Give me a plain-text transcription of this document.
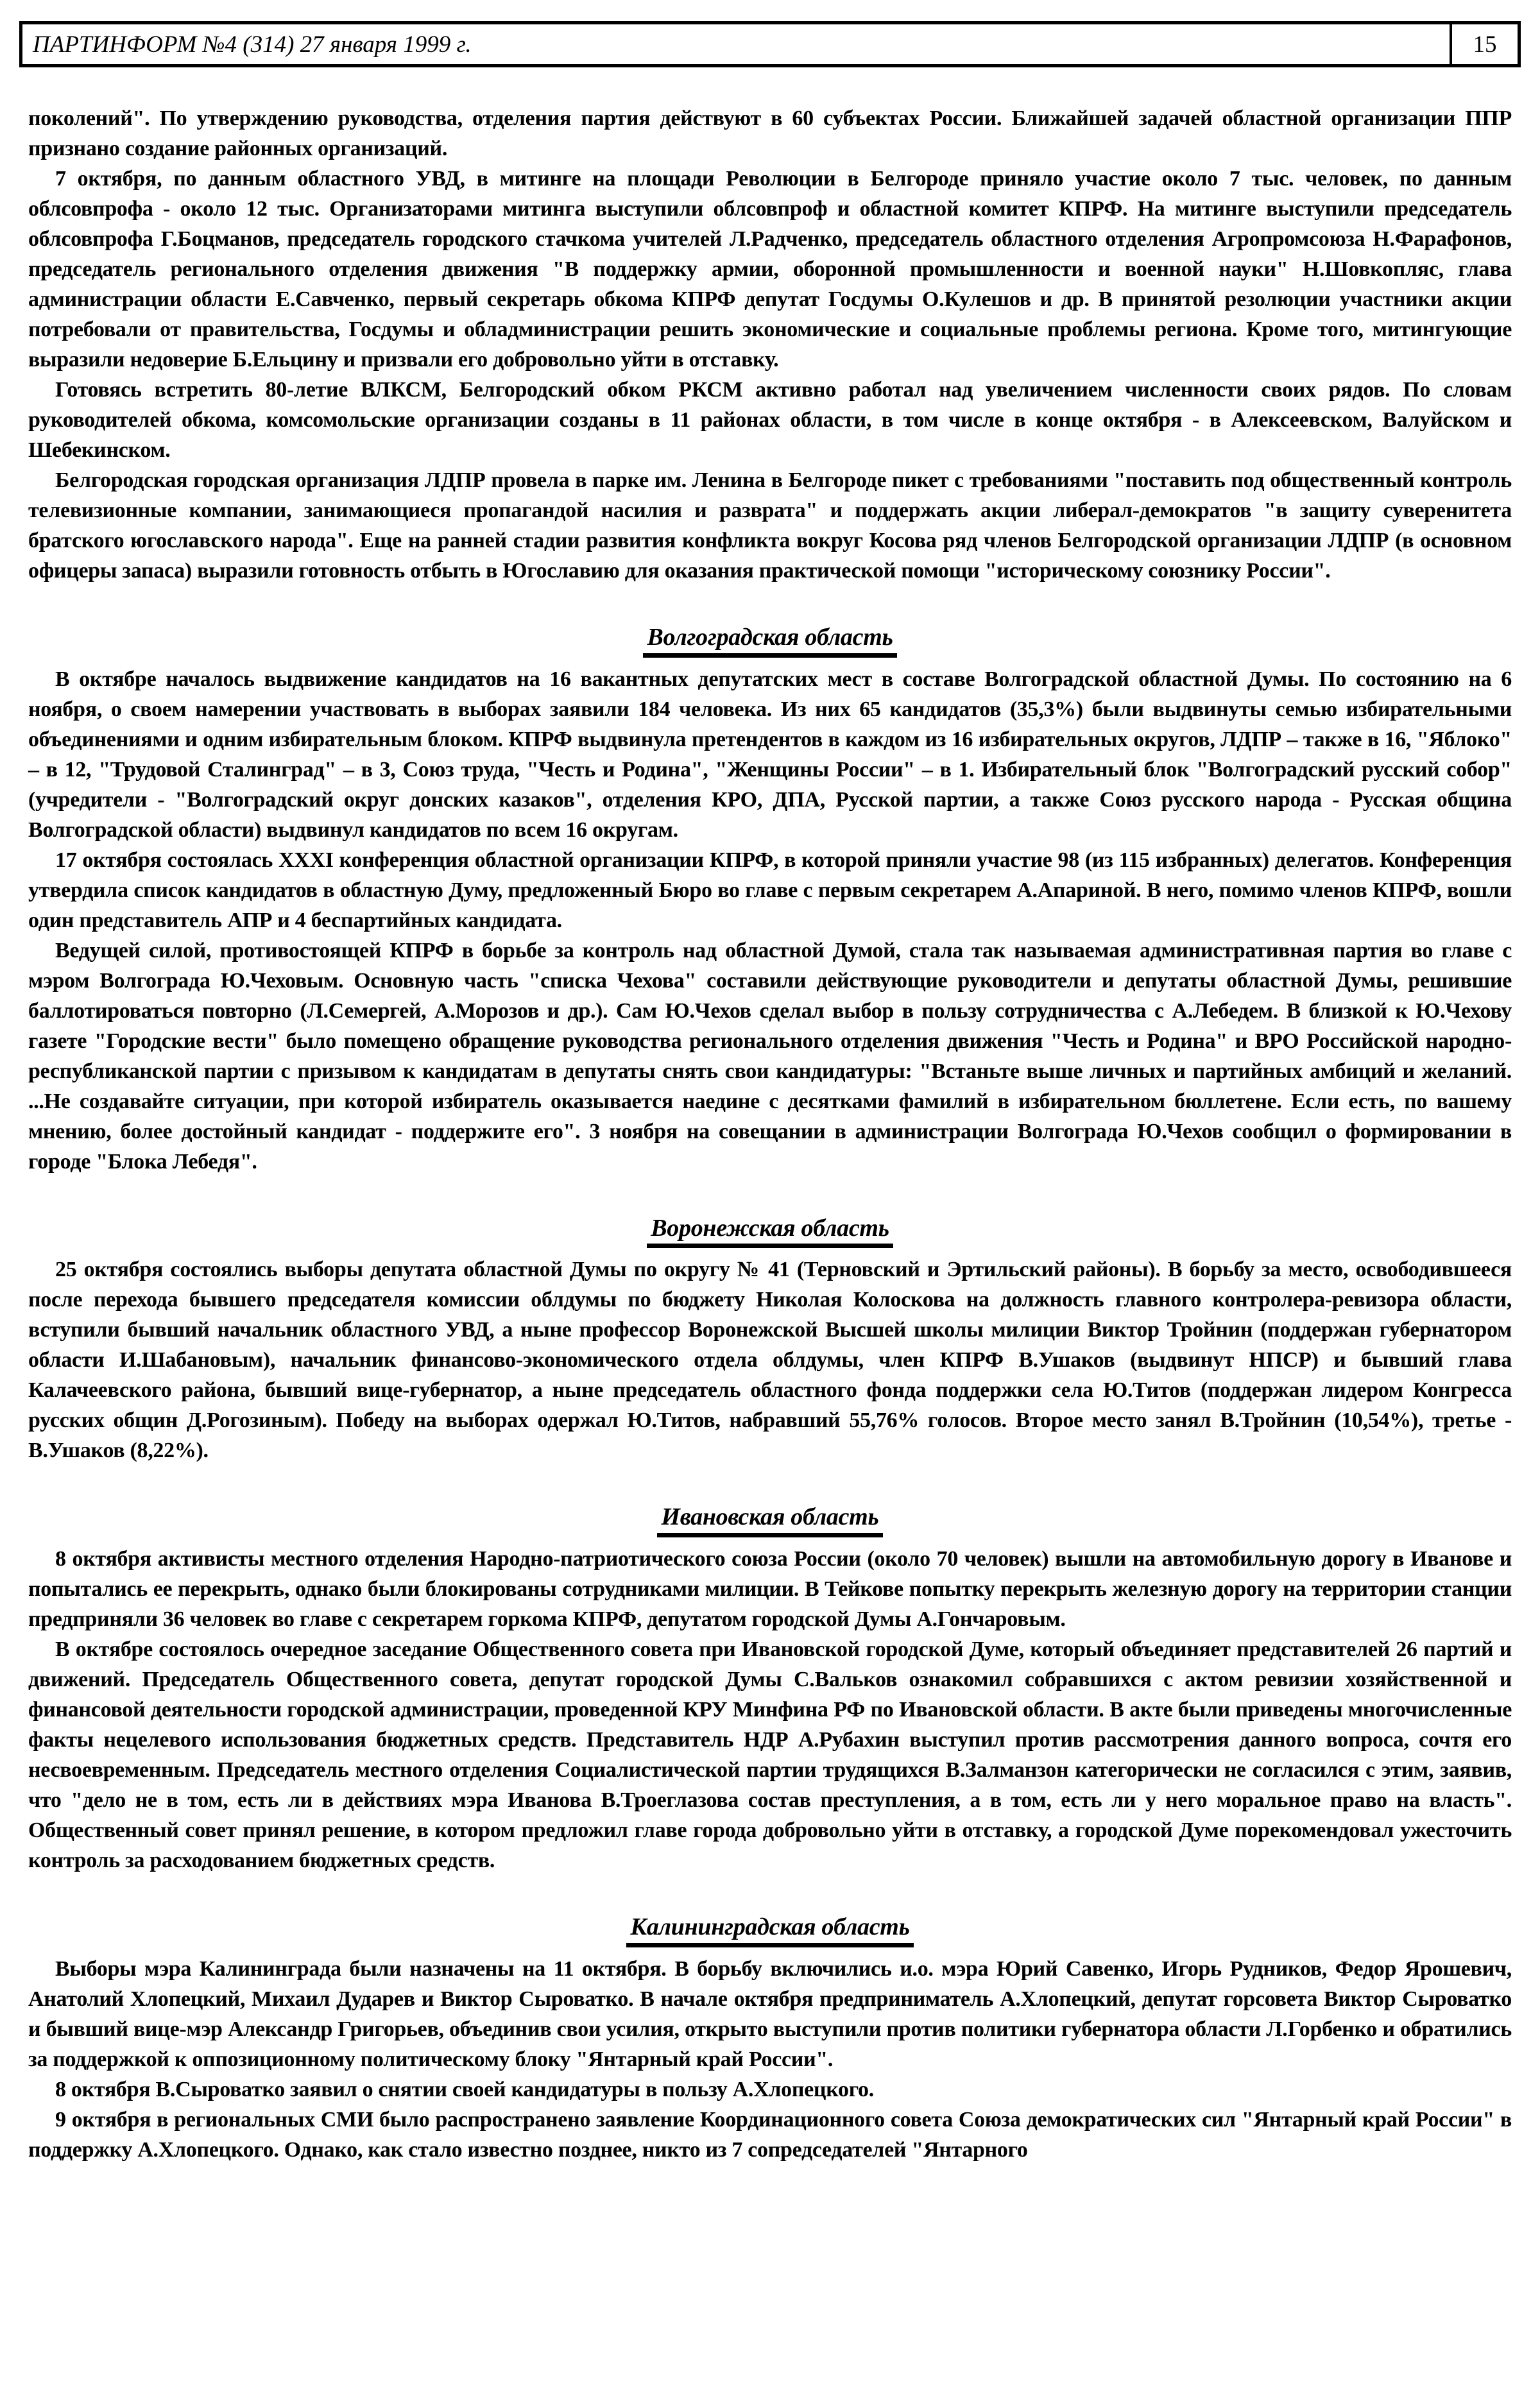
ПАРТИНФОРМ №4 (314) 27 января 1999 г.	15

поколений". По утверждению руководства, отделения партия действуют в 60 субъектах России. Ближайшей задачей областной организации ППР признано создание районных организаций.

7 октября, по данным областного УВД, в митинге на площади Революции в Белгороде приняло участие около 7 тыс. человек, по данным облсовпрофа - около 12 тыс. Организаторами митинга выступили облсовпроф и областной комитет КПРФ. На митинге выступили председатель облсовпрофа Г.Боцманов, председатель городского стачкома учителей Л.Радченко, председатель областного отделения Агропромсоюза Н.Фарафонов, председатель регионального отделения движения "В поддержку армии, оборонной промышленности и военной науки" Н.Шовкопляс, глава администрации области Е.Савченко, первый секретарь обкома КПРФ депутат Госдумы О.Кулешов и др. В принятой резолюции участники акции потребовали от правительства, Госдумы и обладминистрации решить экономические и социальные проблемы региона. Кроме того, митингующие выразили недоверие Б.Ельцину и призвали его добровольно уйти в отставку.

Готовясь встретить 80-летие ВЛКСМ, Белгородский обком РКСМ активно работал над увеличением численности своих рядов. По словам руководителей обкома, комсомольские организации созданы в 11 районах области, в том числе в конце октября - в Алексеевском, Валуйском и Шебекинском.

Белгородская городская организация ЛДПР провела в парке им. Ленина в Белгороде пикет с требованиями "поставить под общественный контроль телевизионные компании, занимающиеся пропагандой насилия и разврата" и поддержать акции либерал-демократов "в защиту суверенитета братского югославского народа". Еще на ранней стадии развития конфликта вокруг Косова ряд членов Белгородской организации ЛДПР (в основном офицеры запаса) выразили готовность отбыть в Югославию для оказания практической помощи "историческому союзнику России".

Волгоградская область

В октябре началось выдвижение кандидатов на 16 вакантных депутатских мест в составе Волгоградской областной Думы. По состоянию на 6 ноября, о своем намерении участвовать в выборах заявили 184 человека. Из них 65 кандидатов (35,3%) были выдвинуты семью избирательными объединениями и одним избирательным блоком. КПРФ выдвинула претендентов в каждом из 16 избирательных округов, ЛДПР – также в 16, "Яблоко" – в 12, "Трудовой Сталинград" – в 3, Союз труда, "Честь и Родина", "Женщины России" – в 1. Избирательный блок "Волгоградский русский собор" (учредители - "Волгоградский округ донских казаков", отделения КРО, ДПА, Русской партии, а также Союз русского народа - Русская община Волгоградской области) выдвинул кандидатов по всем 16 округам.

17 октября состоялась XXXI конференция областной организации КПРФ, в которой приняли участие 98 (из 115 избранных) делегатов. Конференция утвердила список кандидатов в областную Думу, предложенный Бюро во главе с первым секретарем А.Апариной. В него, помимо членов КПРФ, вошли один представитель АПР и 4 беспартийных кандидата.

Ведущей силой, противостоящей КПРФ в борьбе за контроль над областной Думой, стала так называемая административная партия во главе с мэром Волгограда Ю.Чеховым. Основную часть "списка Чехова" составили действующие руководители и депутаты областной Думы, решившие баллотироваться повторно (Л.Семергей, А.Морозов и др.). Сам Ю.Чехов сделал выбор в пользу сотрудничества с А.Лебедем. В близкой к Ю.Чехову газете "Городские вести" было помещено обращение руководства регионального отделения движения "Честь и Родина" и ВРО Российской народно-республиканской партии с призывом к кандидатам в депутаты снять свои кандидатуры: "Встаньте выше личных и партийных амбиций и желаний. ...Не создавайте ситуации, при которой избиратель оказывается наедине с десятками фамилий в избирательном бюллетене. Если есть, по вашему мнению, более достойный кандидат - поддержите его". 3 ноября на совещании в администрации Волгограда Ю.Чехов сообщил о формировании в городе "Блока Лебедя".

Воронежская область

25 октября состоялись выборы депутата областной Думы по округу № 41 (Терновский и Эртильский районы). В борьбу за место, освободившееся после перехода бывшего председателя комиссии облдумы по бюджету Николая Колоскова на должность главного контролера-ревизора области, вступили бывший начальник областного УВД, а ныне профессор Воронежской Высшей школы милиции Виктор Тройнин (поддержан губернатором области И.Шабановым), начальник финансово-экономического отдела облдумы, член КПРФ В.Ушаков (выдвинут НПСР) и бывший глава Калачеевского района, бывший вице-губернатор, а ныне председатель областного фонда поддержки села Ю.Титов (поддержан лидером Конгресса русских общин Д.Рогозиным). Победу на выборах одержал Ю.Титов, набравший 55,76% голосов. Второе место занял В.Тройнин (10,54%), третье - В.Ушаков (8,22%).

Ивановская область

8 октября активисты местного отделения Народно-патриотического союза России (около 70 человек) вышли на автомобильную дорогу в Иванове и попытались ее перекрыть, однако были блокированы сотрудниками милиции. В Тейкове попытку перекрыть железную дорогу на территории станции предприняли 36 человек во главе с секретарем горкома КПРФ, депутатом городской Думы А.Гончаровым.

В октябре состоялось очередное заседание Общественного совета при Ивановской городской Думе, который объединяет представителей 26 партий и движений. Председатель Общественного совета, депутат городской Думы С.Вальков ознакомил собравшихся с актом ревизии хозяйственной и финансовой деятельности городской администрации, проведенной КРУ Минфина РФ по Ивановской области. В акте были приведены многочисленные факты нецелевого использования бюджетных средств. Представитель НДР А.Рубахин выступил против рассмотрения данного вопроса, сочтя его несвоевременным. Председатель местного отделения Социалистической партии трудящихся В.Залманзон категорически не согласился с этим, заявив, что "дело не в том, есть ли в действиях мэра Иванова В.Троеглазова состав преступления, а в том, есть ли у него моральное право на власть". Общественный совет принял решение, в котором предложил главе города добровольно уйти в отставку, а городской Думе порекомендовал ужесточить контроль за расходованием бюджетных средств.

Калининградская область

Выборы мэра Калининграда были назначены на 11 октября. В борьбу включились и.о. мэра Юрий Савенко, Игорь Рудников, Федор Ярошевич, Анатолий Хлопецкий, Михаил Дударев и Виктор Сыроватко. В начале октября предприниматель А.Хлопецкий, депутат горсовета Виктор Сыроватко и бывший вице-мэр Александр Григорьев, объединив свои усилия, открыто выступили против политики губернатора области Л.Горбенко и обратились за поддержкой к оппозиционному политическому блоку "Янтарный край России".

8 октября В.Сыроватко заявил о снятии своей кандидатуры в пользу А.Хлопецкого.

9 октября в региональных СМИ было распространено заявление Координационного совета Союза демократических сил "Янтарный край России" в поддержку А.Хлопецкого. Однако, как стало известно позднее, никто из 7 сопредседателей "Янтарного
